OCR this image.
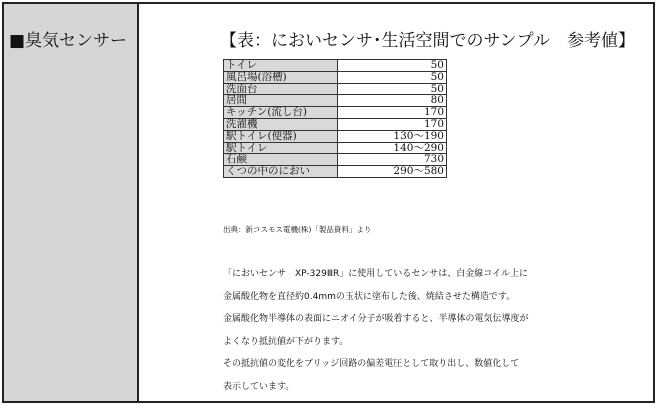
■臭気センサー	【表：においセンサ･生活空間でのサンプル　参考値】
トイレ	50
風呂場(浴槽)	50
洗面台	50
居間	80
キッチン(流し台)	170
洗濯機	170
駅トイレ(便器)	130～190
駅トイレ	140～290
石鹸	730
くつの中のにおい	290～580
出典：新コスモス電機(株)「製品資料」より
「においセンサ　XP-329ⅢR」に使用しているセンサは、白金線コイル上に
金属酸化物を直径約0.4mmの玉状に塗布した後、焼結させた構造です。
金属酸化物半導体の表面にニオイ分子が吸着すると、半導体の電気伝導度が
よくなり抵抗値が下がります。
その抵抗値の変化をブリッジ回路の偏差電圧として取り出し、数値化して
表示しています。
